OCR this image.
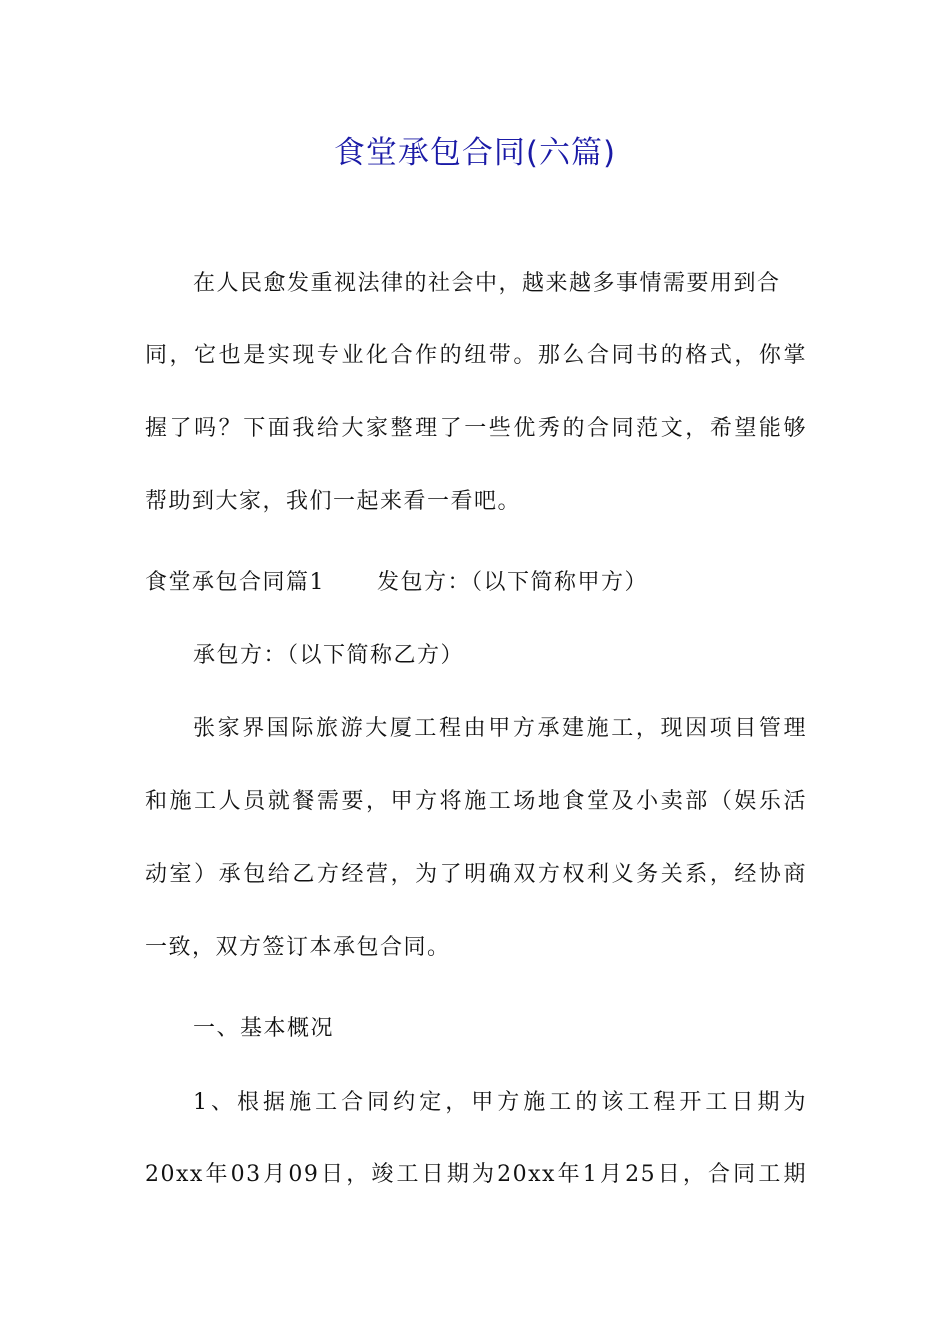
食堂承包合同(六篇)

在人民愈发重视法律的社会中，越来越多事情需要用到合

同，它也是实现专业化合作的纽带。那么合同书的格式，你掌

握了吗？下面我给大家整理了一些优秀的合同范文，希望能够

帮助到大家，我们一起来看一看吧。

食堂承包合同篇1 发包方：（以下简称甲方）

承包方：（以下简称乙方）

张家界国际旅游大厦工程由甲方承建施工，现因项目管理

和施工人员就餐需要，甲方将施工场地食堂及小卖部（娱乐活

动室）承包给乙方经营，为了明确双方权利义务关系，经协商

一致，双方签订本承包合同。

一、基本概况

1、根据施工合同约定，甲方施工的该工程开工日期为

20xx年03月09日，竣工日期为20xx年1月25日，合同工期
